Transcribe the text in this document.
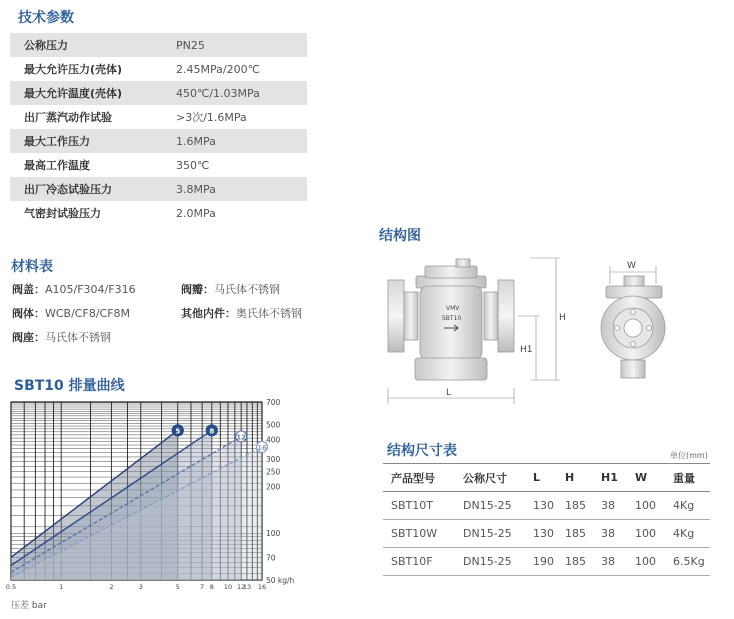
技术参数
公称压力	PN25
最大允许压力(壳体)	2.45MPa/200℃
最大允许温度(壳体)	450℃/1.03MPa
出厂蒸汽动作试验	>3次/1.6MPa
最大工作压力	1.6MPa
最高工作温度	350℃
出厂冷态试验压力	3.8MPa
气密封试验压力	2.0MPa
材料表
阀盖：A105/F304/F316	阀瓣：马氏体不锈钢
阀体：WCB/CF8/CF8M	其他内件：奥氏体不锈钢
阀座：马氏体不锈钢
SBT10 排量曲线
5	8
12
16
0.5	1	2	3	5	7 8 10 12
13 16
50 kg/h
70
100
200
250
300
400
500
700
压差 bar
结构图
VMV
SBT10
L
H
H1
W
结构尺寸表	单位(mm)
产品型号	公称尺寸	L	H	H1	W	重量
SBT10T	DN15-25	130	185	38	100	4Kg
SBT10W	DN15-25	130	185	38	100	4Kg
SBT10F	DN15-25	190	185	38	100	6.5Kg
